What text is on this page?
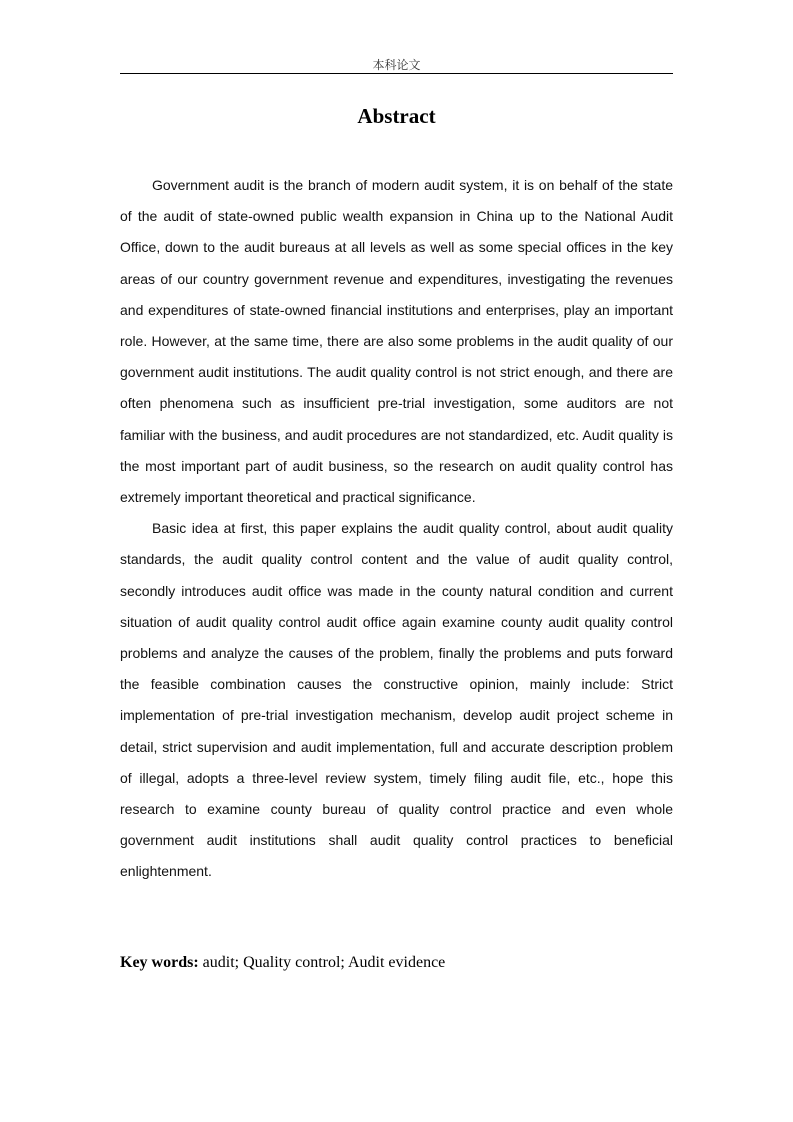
本科论文
Abstract

Government audit is the branch of modern audit system, it is on behalf of the state of the audit of state-owned public wealth expansion in China up to the National Audit Office, down to the audit bureaus at all levels as well as some special offices in the key areas of our country government revenue and expenditures, investigating the revenues and expenditures of state-owned financial institutions and enterprises, play an important role. However, at the same time, there are also some problems in the audit quality of our government audit institutions. The audit quality control is not strict enough, and there are often phenomena such as insufficient pre-trial investigation, some auditors are not familiar with the business, and audit procedures are not standardized, etc. Audit quality is the most important part of audit business, so the research on audit quality control has extremely important theoretical and practical significance.

Basic idea at first, this paper explains the audit quality control, about audit quality standards, the audit quality control content and the value of audit quality control, secondly introduces audit office was made in the county natural condition and current situation of audit quality control audit office again examine county audit quality control problems and analyze the causes of the problem, finally the problems and puts forward the feasible combination causes the constructive opinion, mainly include: Strict implementation of pre-trial investigation mechanism, develop audit project scheme in detail, strict supervision and audit implementation, full and accurate description problem of illegal, adopts a three-level review system, timely filing audit file, etc., hope this research to examine county bureau of quality control practice and even whole government audit institutions shall audit quality control practices to beneficial enlightenment.

Key words: audit; Quality control; Audit evidence
